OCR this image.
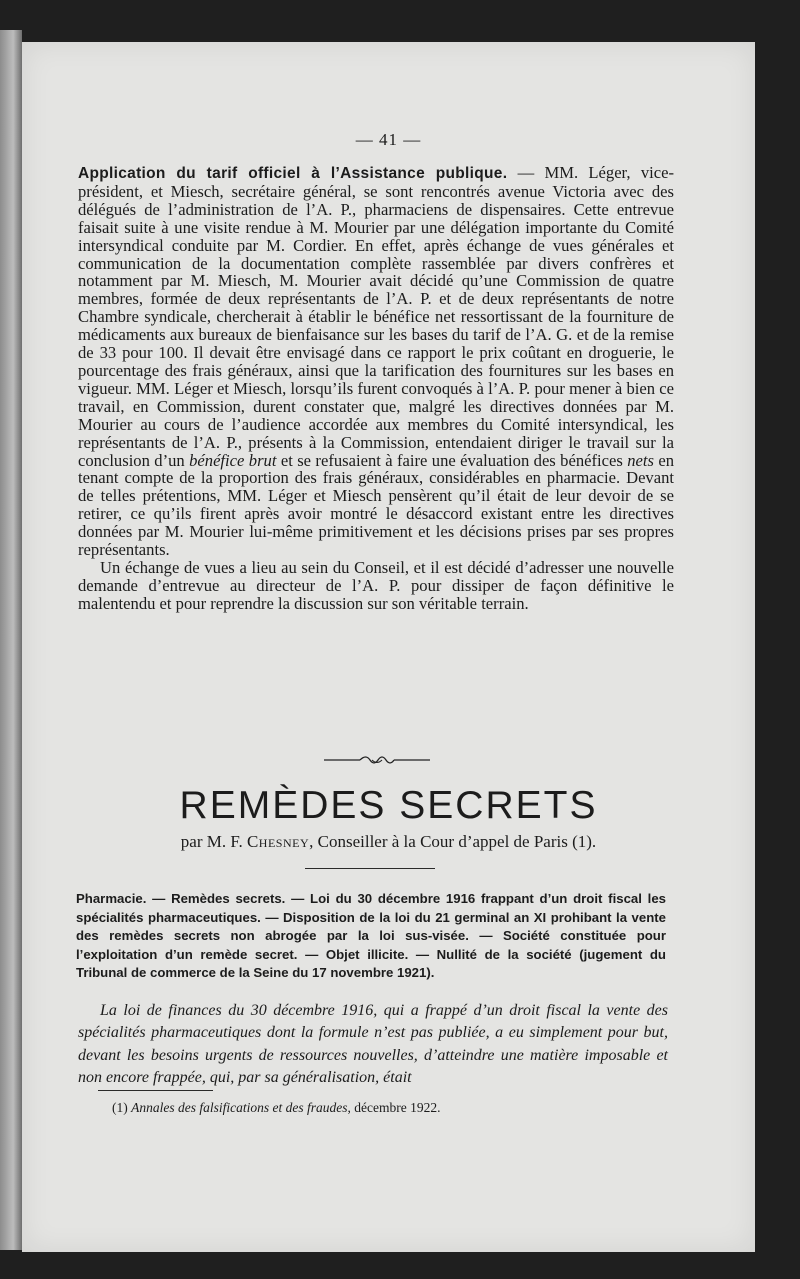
— 41 —

Application du tarif officiel à l’Assistance publique. — MM. Léger, vice-président, et Miesch, secrétaire général, se sont rencontrés avenue Victoria avec des délégués de l’administration de l’A. P., pharmaciens de dispensaires. Cette entrevue faisait suite à une visite rendue à M. Mourier par une délégation importante du Comité intersyndical conduite par M. Cordier. En effet, après échange de vues générales et communication de la documentation complète rassemblée par divers confrères et notamment par M. Miesch, M. Mourier avait décidé qu’une Commission de quatre membres, formée de deux représentants de l’A. P. et de deux représentants de notre Chambre syndicale, chercherait à établir le bénéfice net ressortissant de la fourniture de médicaments aux bureaux de bienfaisance sur les bases du tarif de l’A. G. et de la remise de 33 pour 100. Il devait être envisagé dans ce rapport le prix coûtant en droguerie, le pourcentage des frais généraux, ainsi que la tarification des fournitures sur les bases en vigueur. MM. Léger et Miesch, lorsqu’ils furent convoqués à l’A. P. pour mener à bien ce travail, en Commission, durent constater que, malgré les directives données par M. Mourier au cours de l’audience accordée aux membres du Comité intersyndical, les représentants de l’A. P., présents à la Commission, entendaient diriger le travail sur la conclusion d’un bénéfice brut et se refusaient à faire une évaluation des bénéfices nets en tenant compte de la proportion des frais généraux, considérables en pharmacie. Devant de telles prétentions, MM. Léger et Miesch pensèrent qu’il était de leur devoir de se retirer, ce qu’ils firent après avoir montré le désaccord existant entre les directives données par M. Mourier lui-même primitivement et les décisions prises par ses propres représentants.

Un échange de vues a lieu au sein du Conseil, et il est décidé d’adresser une nouvelle demande d’entrevue au directeur de l’A. P. pour dissiper de façon définitive le malentendu et pour reprendre la discussion sur son véritable terrain.

REMÈDES SECRETS
par M. F. Chesney, Conseiller à la Cour d’appel de Paris (1).
Pharmacie. — Remèdes secrets. — Loi du 30 décembre 1916 frappant d’un droit fiscal les spécialités pharmaceutiques. — Disposition de la loi du 21 germinal an XI prohibant la vente des remèdes secrets non abrogée par la loi sus-visée. — Société constituée pour l’exploitation d’un remède secret. — Objet illicite. — Nullité de la société (jugement du Tribunal de commerce de la Seine du 17 novembre 1921).
La loi de finances du 30 décembre 1916, qui a frappé d’un droit fiscal la vente des spécialités pharmaceutiques dont la formule n’est pas publiée, a eu simplement pour but, devant les besoins urgents de ressources nouvelles, d’atteindre une matière imposable et non encore frappée, qui, par sa généralisation, était
(1) Annales des falsifications et des fraudes, décembre 1922.
